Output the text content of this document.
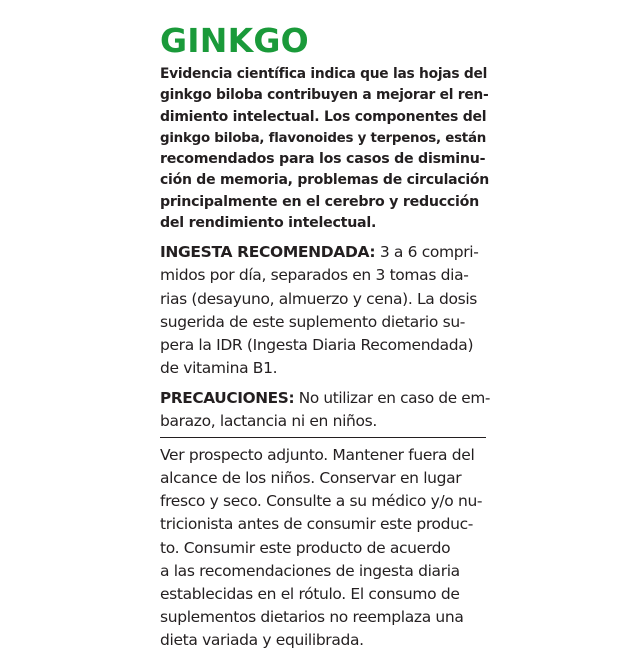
GINKGO
Evidencia científica indica que las hojas del
ginkgo biloba contribuyen a mejorar el ren-
dimiento intelectual. Los componentes del
ginkgo biloba, flavonoides y terpenos, están
recomendados para los casos de disminu-
ción de memoria, problemas de circulación
principalmente en el cerebro y reducción
del rendimiento intelectual.
INGESTA RECOMENDADA: 3 a 6 compri-
midos por día, separados en 3 tomas dia-
rias (desayuno, almuerzo y cena). La dosis
sugerida de este suplemento dietario su-
pera la IDR (Ingesta Diaria Recomendada)
de vitamina B1.
PRECAUCIONES: No utilizar en caso de em-
barazo, lactancia ni en niños.
Ver prospecto adjunto. Mantener fuera del
alcance de los niños. Conservar en lugar
fresco y seco. Consulte a su médico y/o nu-
tricionista antes de consumir este produc-
to. Consumir este producto de acuerdo
a las recomendaciones de ingesta diaria
establecidas en el rótulo. El consumo de
suplementos dietarios no reemplaza una
dieta variada y equilibrada.
